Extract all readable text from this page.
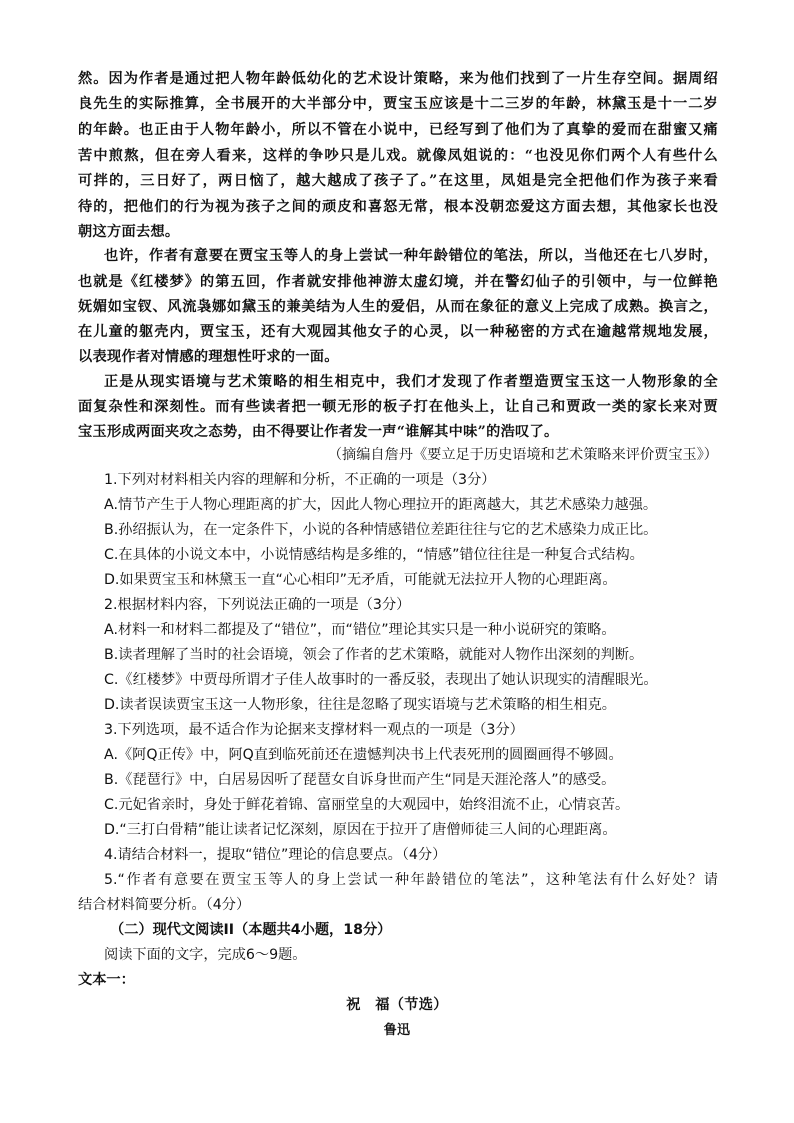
然。因为作者是通过把人物年龄低幼化的艺术设计策略，来为他们找到了一片生存空间。据周绍
良先生的实际推算，全书展开的大半部分中，贾宝玉应该是十二三岁的年龄，林黛玉是十一二岁
的年龄。也正由于人物年龄小，所以不管在小说中，已经写到了他们为了真挚的爱而在甜蜜又痛
苦中煎熬，但在旁人看来，这样的争吵只是儿戏。就像凤姐说的：“也没见你们两个人有些什么
可拌的，三日好了，两日恼了，越大越成了孩子了。”在这里，凤姐是完全把他们作为孩子来看
待的，把他们的行为视为孩子之间的顽皮和喜怒无常，根本没朝恋爱这方面去想，其他家长也没
朝这方面去想。
也许，作者有意要在贾宝玉等人的身上尝试一种年龄错位的笔法，所以，当他还在七八岁时，
也就是《红楼梦》的第五回，作者就安排他神游太虚幻境，并在警幻仙子的引领中，与一位鲜艳
妩媚如宝钗、风流袅娜如黛玉的兼美结为人生的爱侣，从而在象征的意义上完成了成熟。换言之，
在儿童的躯壳内，贾宝玉，还有大观园其他女子的心灵，以一种秘密的方式在逾越常规地发展，
以表现作者对情感的理想性吁求的一面。
正是从现实语境与艺术策略的相生相克中，我们才发现了作者塑造贾宝玉这一人物形象的全
面复杂性和深刻性。而有些读者把一顿无形的板子打在他头上，让自己和贾政一类的家长来对贾
宝玉形成两面夹攻之态势，由不得要让作者发一声“谁解其中味”的浩叹了。
（摘编自詹丹《要立足于历史语境和艺术策略来评价贾宝玉》）
1.下列对材料相关内容的理解和分析，不正确的一项是（3分）
A.情节产生于人物心理距离的扩大，因此人物心理拉开的距离越大，其艺术感染力越强。
B.孙绍振认为，在一定条件下，小说的各种情感错位差距往往与它的艺术感染力成正比。
C.在具体的小说文本中，小说情感结构是多维的，“情感”错位往往是一种复合式结构。
D.如果贾宝玉和林黛玉一直“心心相印”无矛盾，可能就无法拉开人物的心理距离。
2.根据材料内容，下列说法正确的一项是（3分）
A.材料一和材料二都提及了“错位”，而“错位”理论其实只是一种小说研究的策略。
B.读者理解了当时的社会语境，领会了作者的艺术策略，就能对人物作出深刻的判断。
C.《红楼梦》中贾母所谓才子佳人故事时的一番反驳，表现出了她认识现实的清醒眼光。
D.读者误读贾宝玉这一人物形象，往往是忽略了现实语境与艺术策略的相生相克。
3.下列选项，最不适合作为论据来支撑材料一观点的一项是（3分）
A.《阿Q正传》中，阿Q直到临死前还在遗憾判决书上代表死刑的圆圈画得不够圆。
B.《琵琶行》中，白居易因听了琵琶女自诉身世而产生“同是天涯沦落人”的感受。
C.元妃省亲时，身处于鲜花着锦、富丽堂皇的大观园中，始终泪流不止，心情哀苦。
D.“三打白骨精”能让读者记忆深刻，原因在于拉开了唐僧师徒三人间的心理距离。
4.请结合材料一，提取“错位”理论的信息要点。（4分）
5.“作者有意要在贾宝玉等人的身上尝试一种年龄错位的笔法”，这种笔法有什么好处？请
结合材料简要分析。（4分）
（二）现代文阅读II（本题共4小题，18分）
阅读下面的文字，完成6～9题。
文本一：
祝　福（节选）
鲁迅
